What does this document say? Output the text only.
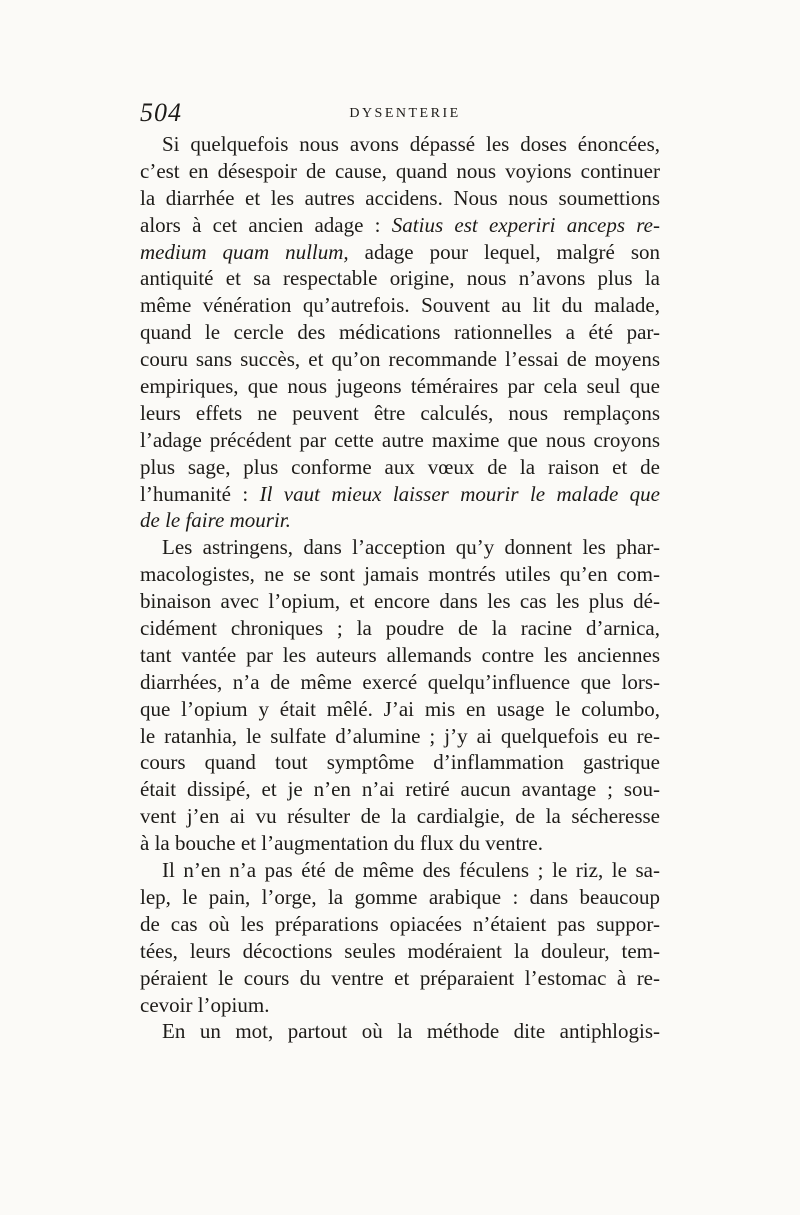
504	DYSENTERIE
Si quelquefois nous avons dépassé les doses énoncées,
c’est en désespoir de cause, quand nous voyions continuer
la diarrhée et les autres accidens. Nous nous soumettions
alors à cet ancien adage : Satius est experiri anceps re-
medium quam nullum, adage pour lequel, malgré son
antiquité et sa respectable origine, nous n’avons plus la
même vénération qu’autrefois. Souvent au lit du malade,
quand le cercle des médications rationnelles a été par-
couru sans succès, et qu’on recommande l’essai de moyens
empiriques, que nous jugeons téméraires par cela seul que
leurs effets ne peuvent être calculés, nous remplaçons
l’adage précédent par cette autre maxime que nous croyons
plus sage, plus conforme aux vœux de la raison et de
l’humanité : Il vaut mieux laisser mourir le malade que
de le faire mourir.
Les astringens, dans l’acception qu’y donnent les phar-
macologistes, ne se sont jamais montrés utiles qu’en com-
binaison avec l’opium, et encore dans les cas les plus dé-
cidément chroniques ; la poudre de la racine d’arnica,
tant vantée par les auteurs allemands contre les anciennes
diarrhées, n’a de même exercé quelqu’influence que lors-
que l’opium y était mêlé. J’ai mis en usage le columbo,
le ratanhia, le sulfate d’alumine ; j’y ai quelquefois eu re-
cours quand tout symptôme d’inflammation gastrique
était dissipé, et je n’en n’ai retiré aucun avantage ; sou-
vent j’en ai vu résulter de la cardialgie, de la sécheresse
à la bouche et l’augmentation du flux du ventre.
Il n’en n’a pas été de même des féculens ; le riz, le sa-
lep, le pain, l’orge, la gomme arabique : dans beaucoup
de cas où les préparations opiacées n’étaient pas suppor-
tées, leurs décoctions seules modéraient la douleur, tem-
péraient le cours du ventre et préparaient l’estomac à re-
cevoir l’opium.
En un mot, partout où la méthode dite antiphlogis-
